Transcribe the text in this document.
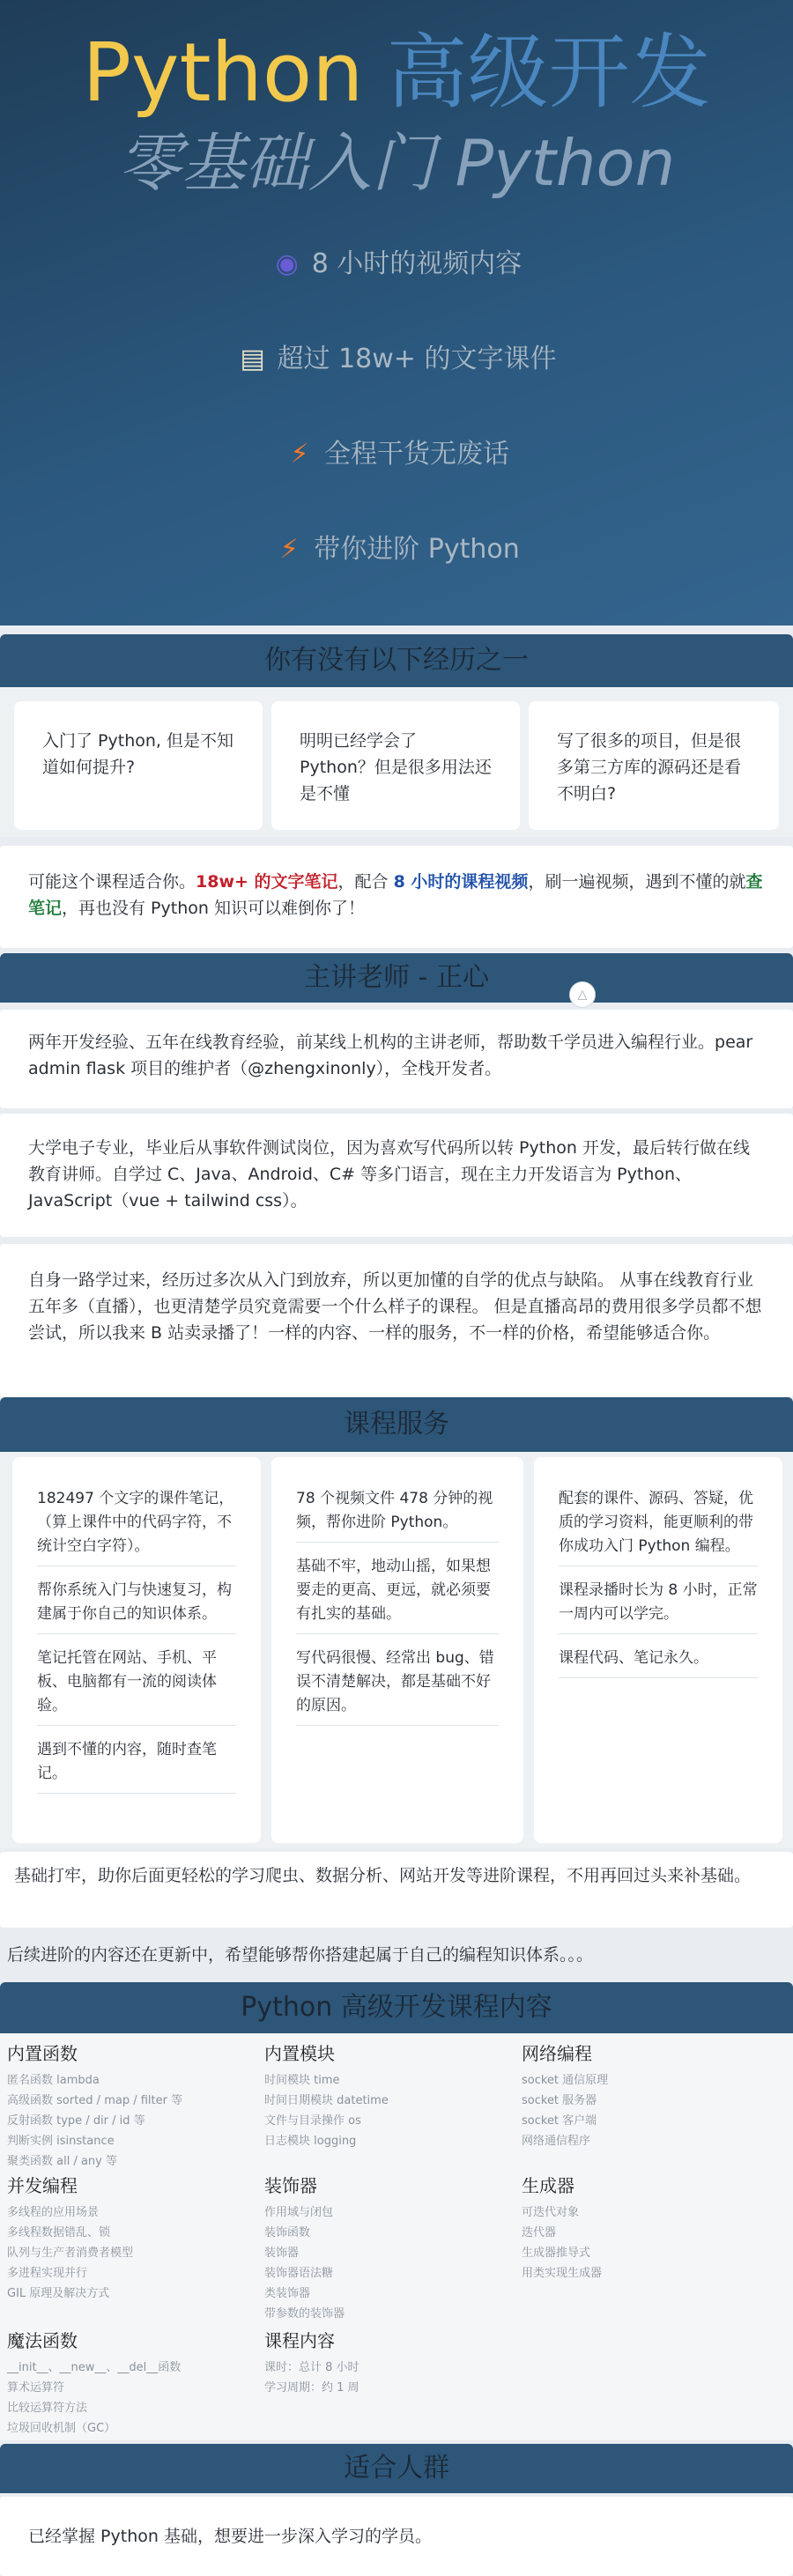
Python 高级开发
零基础入门 Python
◉ 8 小时的视频内容
▤ 超过 18w+ 的文字课件
⚡ 全程干货无废话
⚡ 带你进阶 Python
你有没有以下经历之一
入门了 Python, 但是不知道如何提升?
明明已经学会了 Python？但是很多用法还是不懂
写了很多的项目，但是很多第三方库的源码还是看不明白?
可能这个课程适合你。18w+ 的文字笔记，配合 8 小时的课程视频，刷一遍视频，遇到不懂的就查笔记，再也没有 Python 知识可以难倒你了！
主讲老师 - 正心
△
两年开发经验、五年在线教育经验，前某线上机构的主讲老师，帮助数千学员进入编程行业。pear admin flask 项目的维护者（@zhengxinonly），全栈开发者。
大学电子专业，毕业后从事软件测试岗位，因为喜欢写代码所以转 Python 开发，最后转行做在线教育讲师。自学过 C、Java、Android、C# 等多门语言，现在主力开发语言为 Python、JavaScript（vue + tailwind css）。
自身一路学过来，经历过多次从入门到放弃，所以更加懂的自学的优点与缺陷。 从事在线教育行业五年多（直播），也更清楚学员究竟需要一个什么样子的课程。 但是直播高昂的费用很多学员都不想尝试，所以我来 B 站卖录播了！一样的内容、一样的服务，不一样的价格，希望能够适合你。
课程服务
182497 个文字的课件笔记，（算上课件中的代码字符，不统计空白字符）。
帮你系统入门与快速复习，构建属于你自己的知识体系。
笔记托管在网站、手机、平板、电脑都有一流的阅读体验。
遇到不懂的内容，随时查笔记。
78 个视频文件 478 分钟的视频，帮你进阶 Python。
基础不牢，地动山摇，如果想要走的更高、更远，就必须要有扎实的基础。
写代码很慢、经常出 bug、错误不清楚解决，都是基础不好的原因。
配套的课件、源码、答疑，优质的学习资料，能更顺利的带你成功入门 Python 编程。
课程录播时长为 8 小时，正常一周内可以学完。
课程代码、笔记永久。
基础打牢，助你后面更轻松的学习爬虫、数据分析、网站开发等进阶课程，不用再回过头来补基础。
后续进阶的内容还在更新中，希望能够帮你搭建起属于自己的编程知识体系。。。
Python 高级开发课程内容
内置函数
匿名函数 lambda
高级函数 sorted / map / filter 等
反射函数 type / dir / id 等
判断实例 isinstance
聚类函数 all / any 等
内置模块
时间模块 time
时间日期模块 datetime
文件与目录操作 os
日志模块 logging
网络编程
socket 通信原理
socket 服务器
socket 客户端
网络通信程序
并发编程
多线程的应用场景
多线程数据错乱、锁
队列与生产者消费者模型
多进程实现并行
GIL 原理及解决方式
装饰器
作用域与闭包
装饰函数
装饰器
装饰器语法糖
类装饰器
带参数的装饰器
生成器
可迭代对象
迭代器
生成器推导式
用类实现生成器
魔法函数
__init__、__new__、__del__函数
算术运算符
比较运算符方法
垃圾回收机制（GC）
课程内容
课时：总计 8 小时
学习周期：约 1 周
适合人群
已经掌握 Python 基础，想要进一步深入学习的学员。
